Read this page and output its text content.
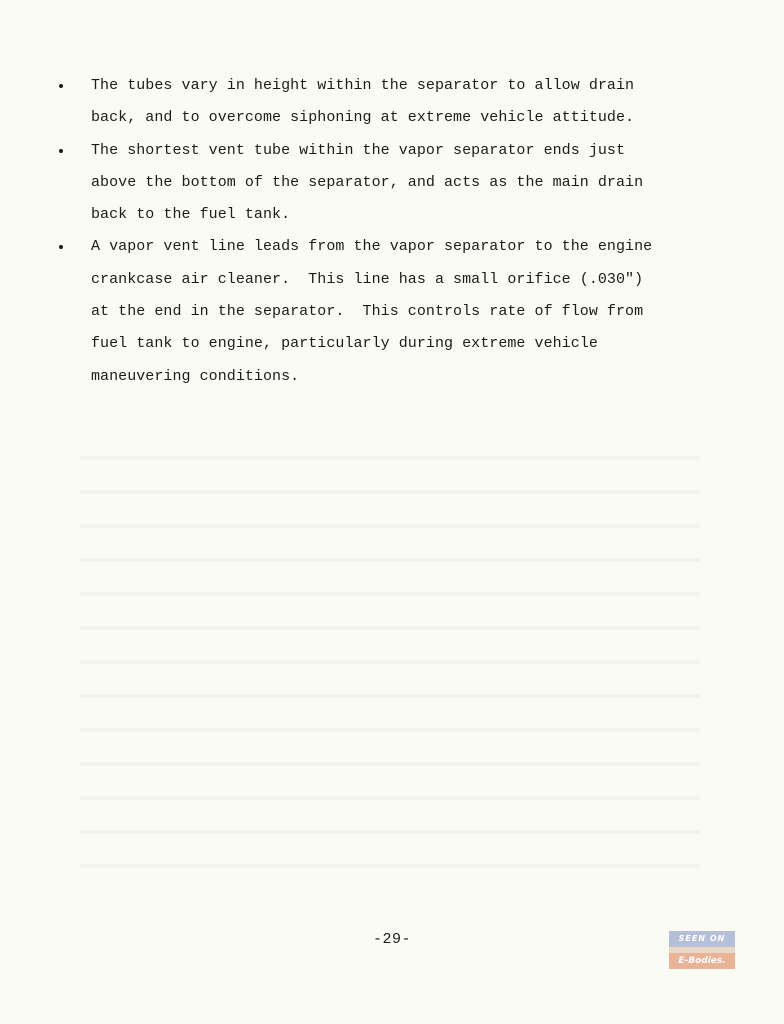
The tubes vary in height within the separator to allow drain
back, and to overcome siphoning at extreme vehicle attitude.
The shortest vent tube within the vapor separator ends just
above the bottom of the separator, and acts as the main drain
back to the fuel tank.
A vapor vent line leads from the vapor separator to the engine
crankcase air cleaner.  This line has a small orifice (.030")
at the end in the separator.  This controls rate of flow from
fuel tank to engine, particularly during extreme vehicle
maneuvering conditions.
-29-	SEEN ON
E-Bodies.
